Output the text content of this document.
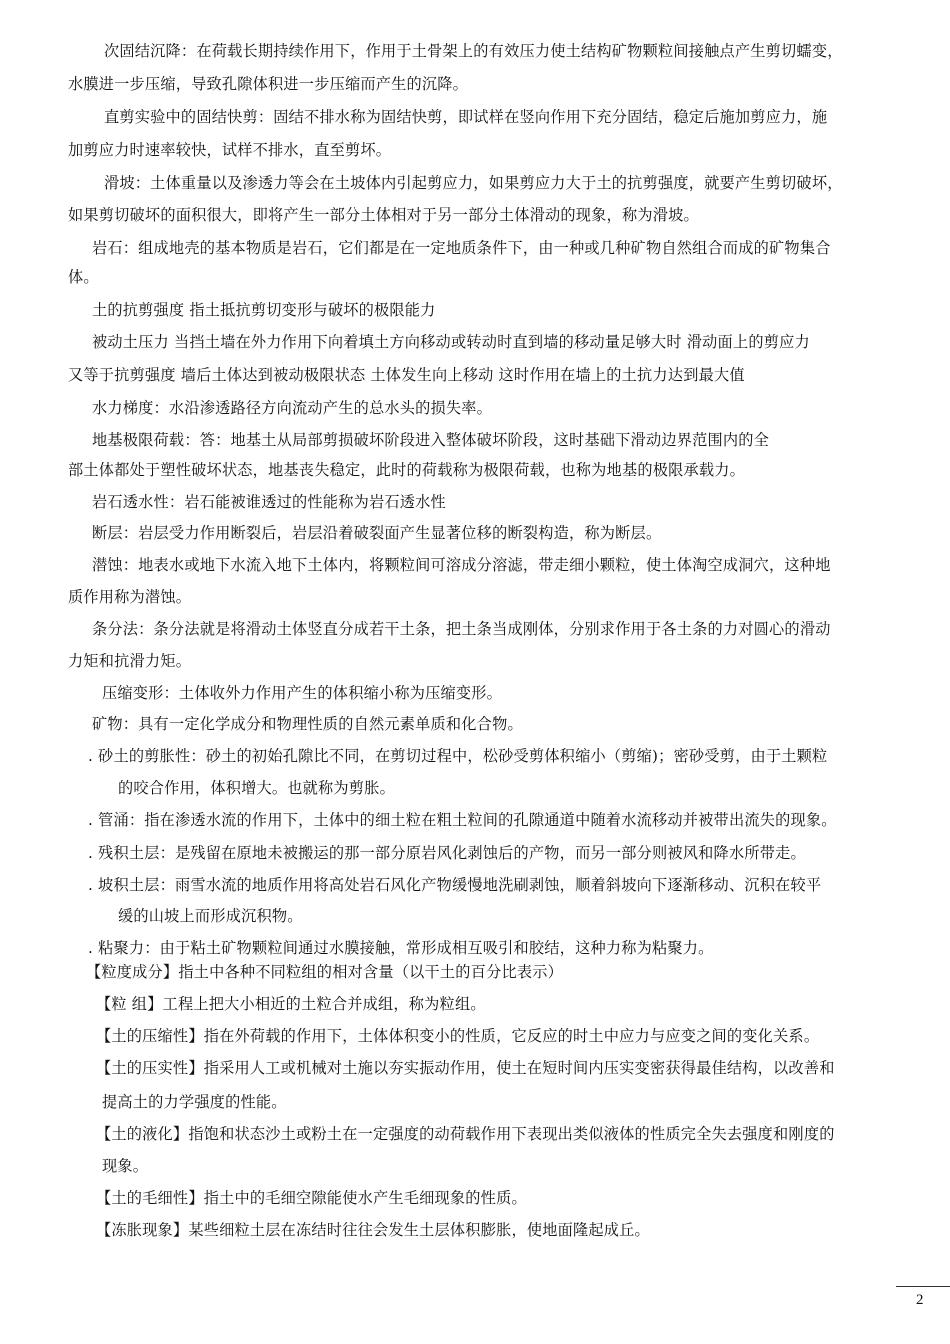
次固结沉降：在荷载长期持续作用下，作用于土骨架上的有效压力使土结构矿物颗粒间接触点产生剪切蠕变，
水膜进一步压缩，导致孔隙体积进一步压缩而产生的沉降。
直剪实验中的固结快剪：固结不排水称为固结快剪，即试样在竖向作用下充分固结，稳定后施加剪应力，施
加剪应力时速率较快，试样不排水，直至剪坏。
滑坡：土体重量以及渗透力等会在土坡体内引起剪应力，如果剪应力大于土的抗剪强度，就要产生剪切破坏，
如果剪切破坏的面积很大，即将产生一部分土体相对于另一部分土体滑动的现象，称为滑坡。
岩石：组成地壳的基本物质是岩石，它们都是在一定地质条件下，由一种或几种矿物自然组合而成的矿物集合
体。
土的抗剪强度 指土抵抗剪切变形与破坏的极限能力
被动土压力 当挡土墙在外力作用下向着填土方向移动或转动时直到墙的移动量足够大时 滑动面上的剪应力
又等于抗剪强度 墙后土体达到被动极限状态 土体发生向上移动 这时作用在墙上的土抗力达到最大值
水力梯度：水沿渗透路径方向流动产生的总水头的损失率。
地基极限荷载：答：地基土从局部剪损破坏阶段进入整体破坏阶段，这时基础下滑动边界范围内的全
部土体都处于塑性破坏状态，地基丧失稳定，此时的荷载称为极限荷载，也称为地基的极限承载力。
岩石透水性：岩石能被谁透过的性能称为岩石透水性
断层：岩层受力作用断裂后，岩层沿着破裂面产生显著位移的断裂构造，称为断层。
潜蚀：地表水或地下水流入地下土体内，将颗粒间可溶成分溶滤，带走细小颗粒，使土体淘空成洞穴，这种地
质作用称为潜蚀。
条分法：条分法就是将滑动土体竖直分成若干土条，把土条当成刚体，分别求作用于各土条的力对圆心的滑动
力矩和抗滑力矩。
压缩变形：土体收外力作用产生的体积缩小称为压缩变形。
矿物：具有一定化学成分和物理性质的自然元素单质和化合物。
. 砂土的剪胀性：砂土的初始孔隙比不同，在剪切过程中，松砂受剪体积缩小（剪缩)；密砂受剪，由于土颗粒
的咬合作用，体积增大。也就称为剪胀。
. 管涌：指在渗透水流的作用下，土体中的细土粒在粗土粒间的孔隙通道中随着水流移动并被带出流失的现象。
. 残积土层：是残留在原地未被搬运的那一部分原岩风化剥蚀后的产物，而另一部分则被风和降水所带走。
. 坡积土层：雨雪水流的地质作用将高处岩石风化产物缓慢地洗刷剥蚀，顺着斜坡向下逐渐移动、沉积在较平
缓的山坡上而形成沉积物。
. 粘聚力：由于粘土矿物颗粒间通过水膜接触，常形成相互吸引和胶结，这种力称为粘聚力。
【粒度成分】指土中各种不同粒组的相对含量（以干土的百分比表示）
【粒 组】工程上把大小相近的土粒合并成组，称为粒组。
【土的压缩性】指在外荷载的作用下，土体体积变小的性质，它反应的时土中应力与应变之间的变化关系。
【土的压实性】指采用人工或机械对土施以夯实振动作用，使土在短时间内压实变密获得最佳结构，以改善和
提高土的力学强度的性能。
【土的液化】指饱和状态沙土或粉土在一定强度的动荷载作用下表现出类似液体的性质完全失去强度和刚度的
现象。
【土的毛细性】指土中的毛细空隙能使水产生毛细现象的性质。
【冻胀现象】某些细粒土层在冻结时往往会发生土层体积膨胀，使地面隆起成丘。
2
